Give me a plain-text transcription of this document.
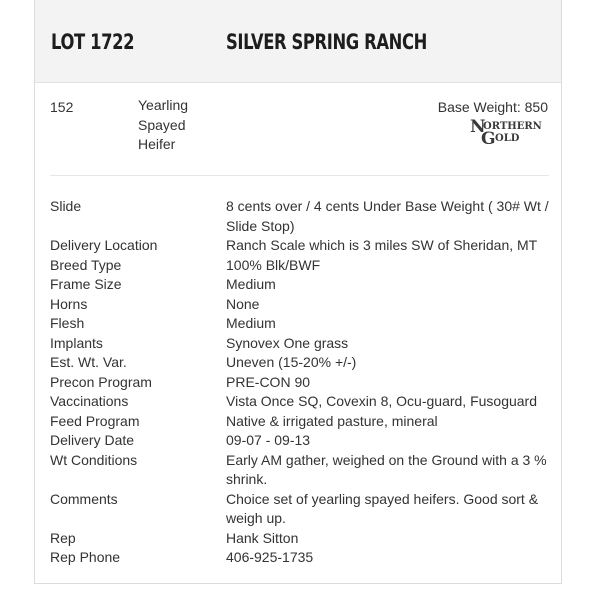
LOT 1722	SILVER SPRING RANCH
152	Yearling
Spayed
Heifer
Base Weight: 850
N
ORTHERN
G OLD
Slide	8 cents over / 4 cents Under Base Weight ( 30# Wt / Slide Stop)
Delivery Location	Ranch Scale which is 3 miles SW of Sheridan, MT
Breed Type	100% Blk/BWF
Frame Size	Medium
Horns	None
Flesh	Medium
Implants	Synovex One grass
Est. Wt. Var.	Uneven (15-20% +/-)
Precon Program	PRE-CON 90
Vaccinations	Vista Once SQ, Covexin 8, Ocu-guard, Fusoguard
Feed Program	Native & irrigated pasture, mineral
Delivery Date	09-07 - 09-13
Wt Conditions	Early AM gather, weighed on the Ground with a 3 % shrink.
Comments	Choice set of yearling spayed heifers. Good sort & weigh up.
Rep	Hank Sitton
Rep Phone	406-925-1735
